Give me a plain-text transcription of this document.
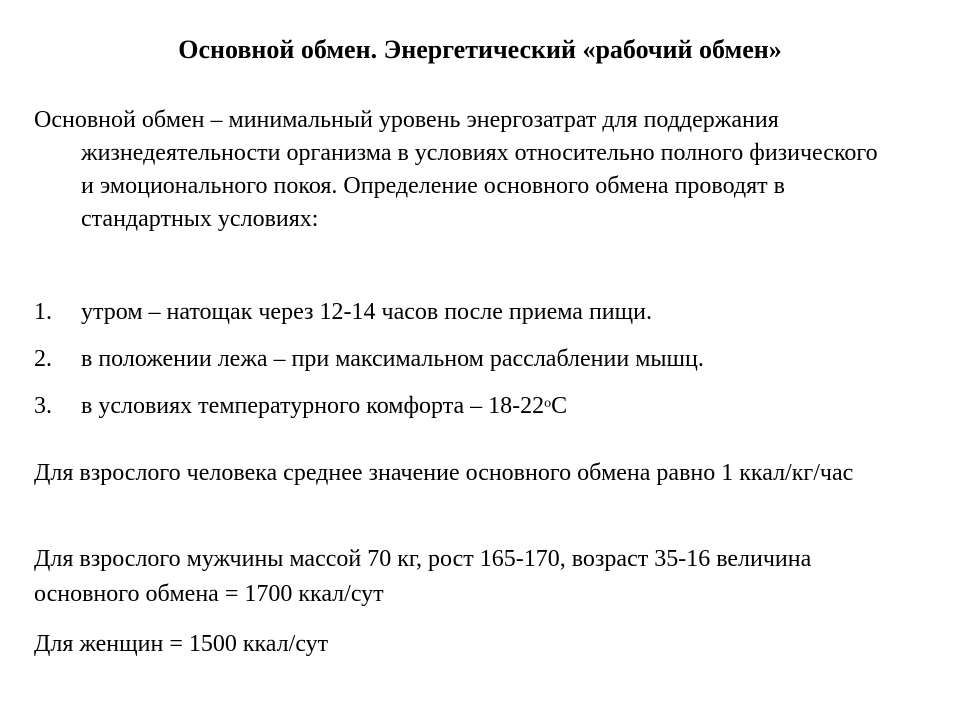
Основной обмен. Энергетический «рабочий обмен»
Основной обмен – минимальный уровень энергозатрат для поддержания жизнедеятельности организма в условиях относительно полного физического и эмоционального покоя. Определение основного обмена проводят в стандартных условиях:
1.	утром – натощак через 12-14 часов после приема пищи.
2.	в положении лежа – при максимальном расслаблении мышц.
3.	в условиях температурного комфорта – $18-22^оС$
Для взрослого человека среднее значение основного обмена равно 1 ккал/кг/час
Для взрослого мужчины массой 70 кг, рост 165-170, возраст 35-16 величина основного обмена = 1700 ккал/сут
Для женщин = 1500 ккал/сут
